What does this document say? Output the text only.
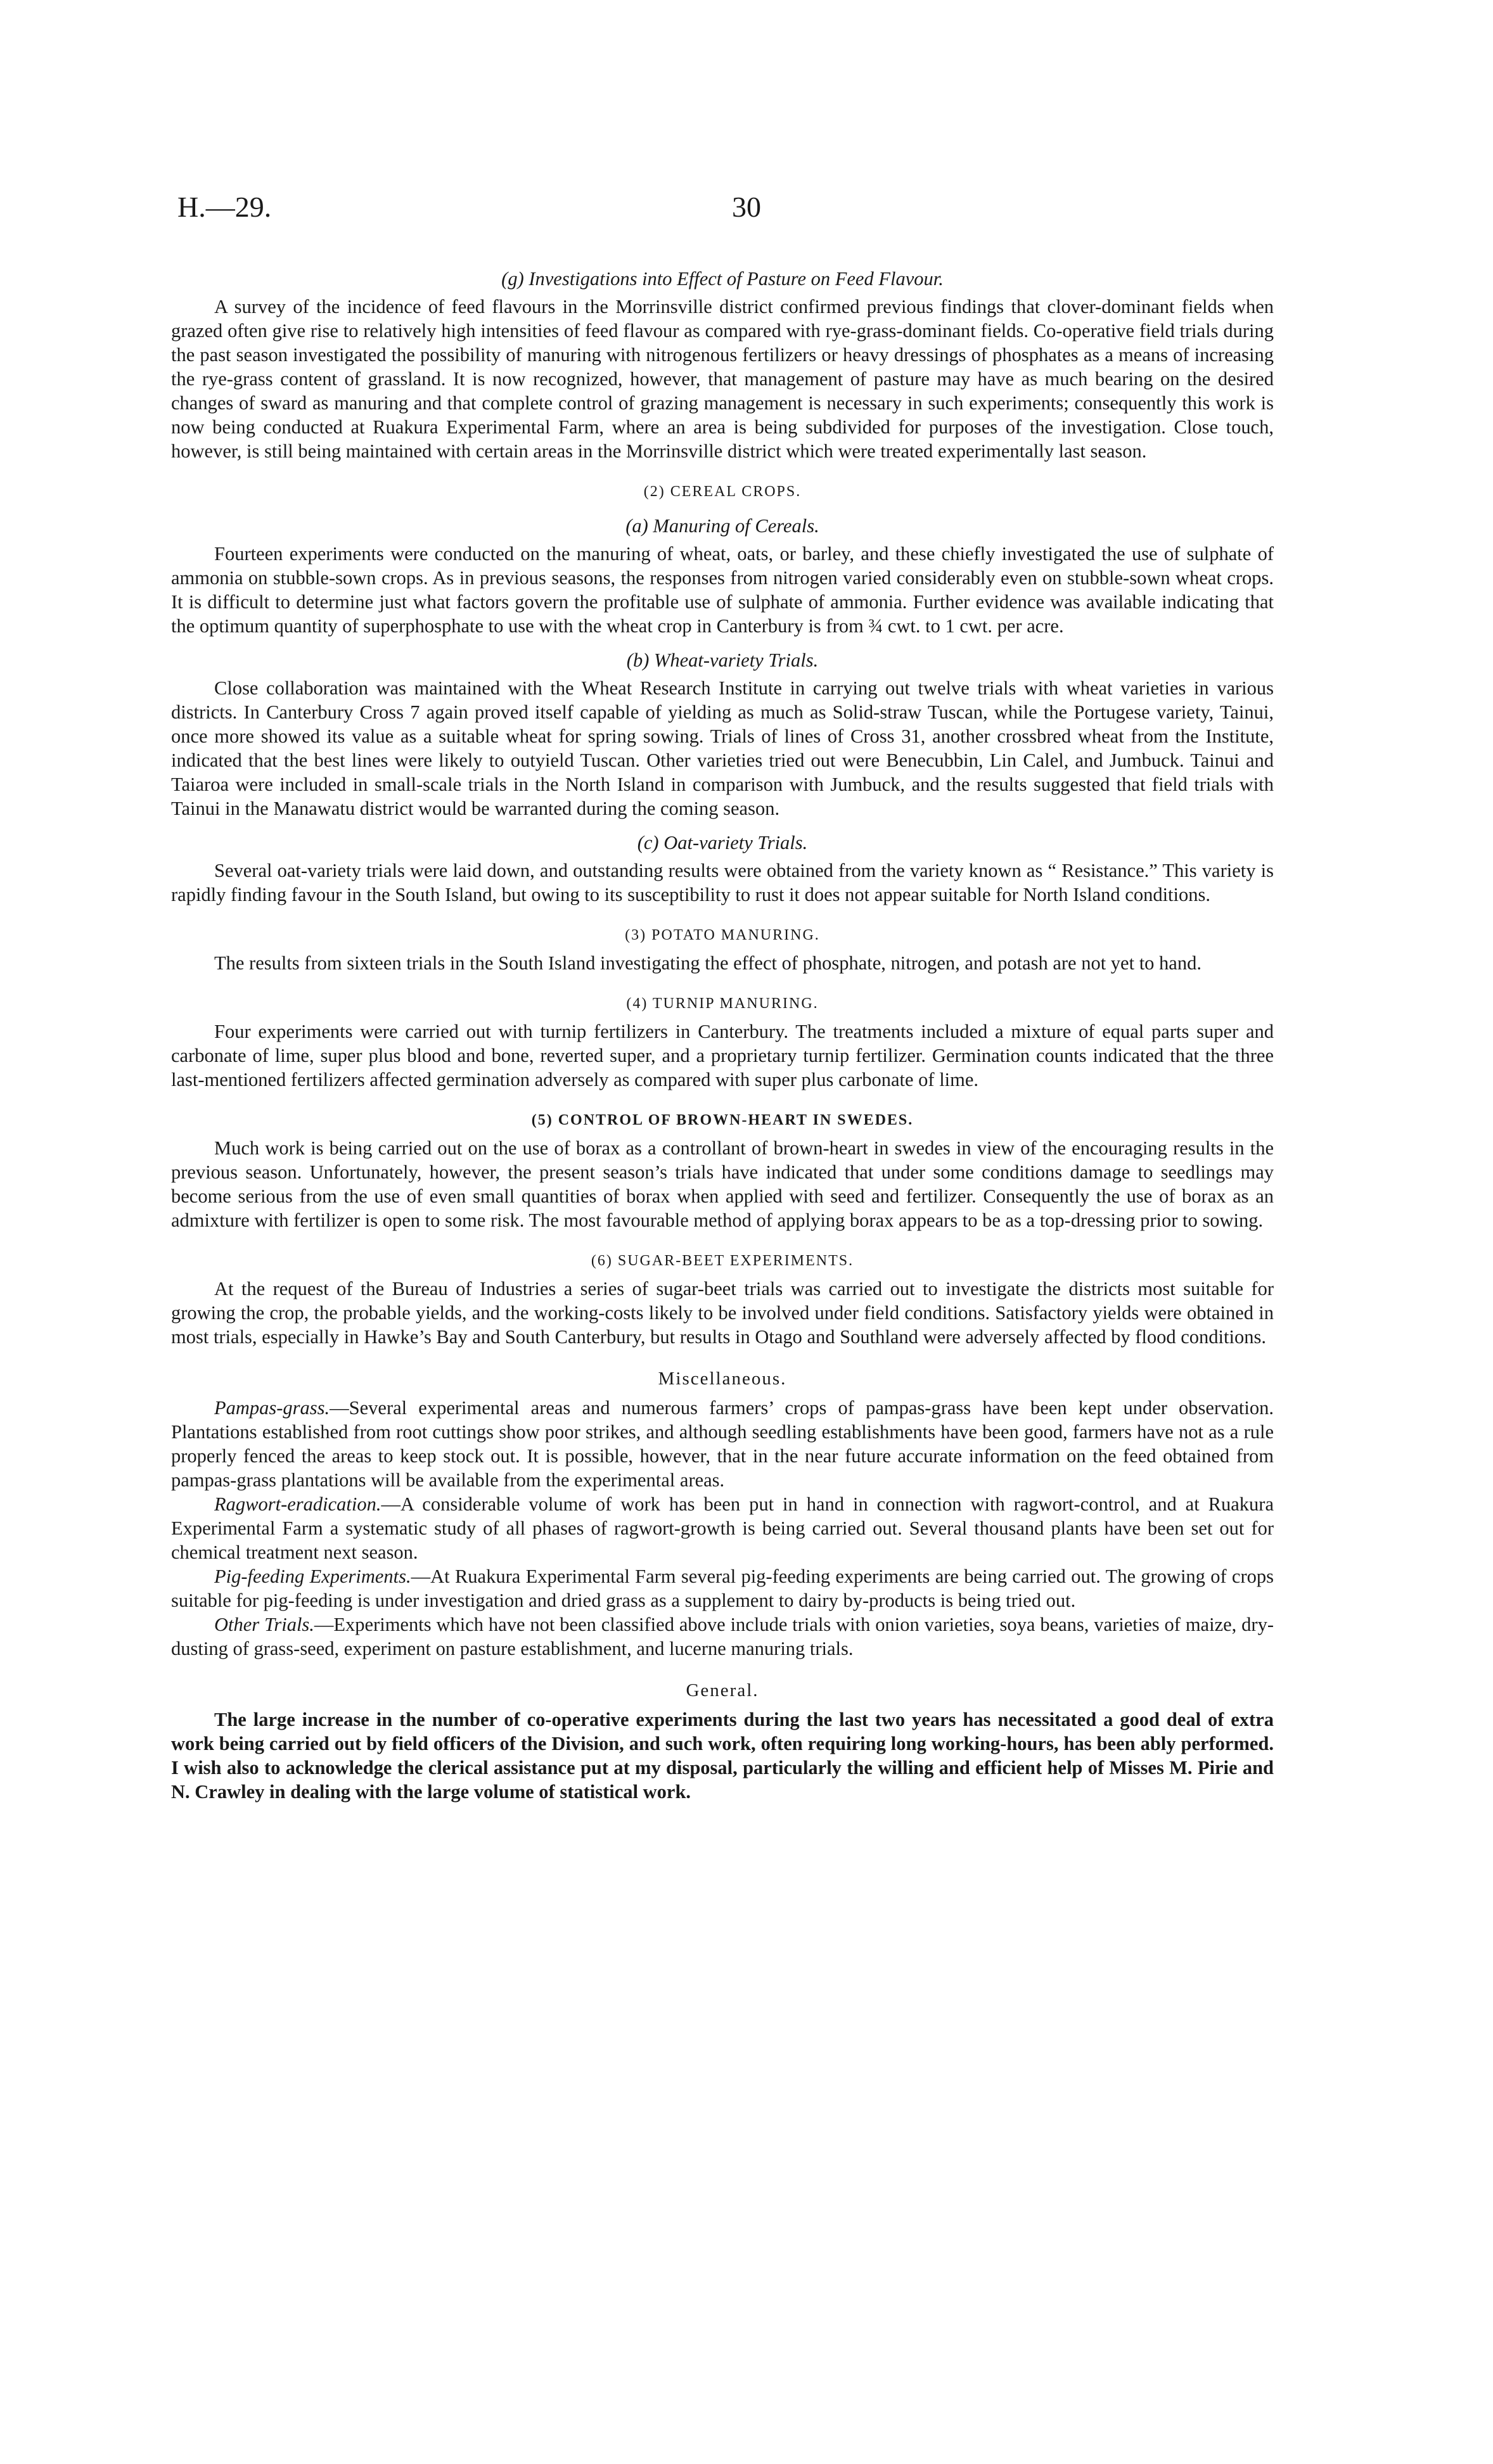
H.—29.	30
(g) Investigations into Effect of Pasture on Feed Flavour.

A survey of the incidence of feed flavours in the Morrinsville district confirmed previous findings that clover-dominant fields when grazed often give rise to relatively high intensities of feed flavour as compared with rye-grass-dominant fields. Co-operative field trials during the past season investigated the possibility of manuring with nitrogenous fertilizers or heavy dressings of phosphates as a means of increasing the rye-grass content of grassland. It is now recognized, however, that management of pasture may have as much bearing on the desired changes of sward as manuring and that complete control of grazing management is necessary in such experiments; consequently this work is now being conducted at Ruakura Experimental Farm, where an area is being subdivided for purposes of the investigation. Close touch, however, is still being maintained with certain areas in the Morrinsville district which were treated experimentally last season.

(2) CEREAL CROPS.
(a) Manuring of Cereals.

Fourteen experiments were conducted on the manuring of wheat, oats, or barley, and these chiefly investigated the use of sulphate of ammonia on stubble-sown crops. As in previous seasons, the responses from nitrogen varied considerably even on stubble-sown wheat crops. It is difficult to determine just what factors govern the profitable use of sulphate of ammonia. Further evidence was available indicating that the optimum quantity of superphosphate to use with the wheat crop in Canterbury is from ¾ cwt. to 1 cwt. per acre.

(b) Wheat-variety Trials.

Close collaboration was maintained with the Wheat Research Institute in carrying out twelve trials with wheat varieties in various districts. In Canterbury Cross 7 again proved itself capable of yielding as much as Solid-straw Tuscan, while the Portugese variety, Tainui, once more showed its value as a suitable wheat for spring sowing. Trials of lines of Cross 31, another crossbred wheat from the Institute, indicated that the best lines were likely to outyield Tuscan. Other varieties tried out were Benecubbin, Lin Calel, and Jumbuck. Tainui and Taiaroa were included in small-scale trials in the North Island in comparison with Jumbuck, and the results suggested that field trials with Tainui in the Manawatu district would be warranted during the coming season.

(c) Oat-variety Trials.

Several oat-variety trials were laid down, and outstanding results were obtained from the variety known as “ Resistance.” This variety is rapidly finding favour in the South Island, but owing to its susceptibility to rust it does not appear suitable for North Island conditions.

(3) POTATO MANURING.

The results from sixteen trials in the South Island investigating the effect of phosphate, nitrogen, and potash are not yet to hand.

(4) TURNIP MANURING.

Four experiments were carried out with turnip fertilizers in Canterbury. The treatments included a mixture of equal parts super and carbonate of lime, super plus blood and bone, reverted super, and a proprietary turnip fertilizer. Germination counts indicated that the three last-mentioned fertilizers affected germination adversely as compared with super plus carbonate of lime.

(5) CONTROL OF BROWN-HEART IN SWEDES.

Much work is being carried out on the use of borax as a controllant of brown-heart in swedes in view of the encouraging results in the previous season. Unfortunately, however, the present season’s trials have indicated that under some conditions damage to seedlings may become serious from the use of even small quantities of borax when applied with seed and fertilizer. Consequently the use of borax as an admixture with fertilizer is open to some risk. The most favourable method of applying borax appears to be as a top-dressing prior to sowing.

(6) SUGAR-BEET EXPERIMENTS.

At the request of the Bureau of Industries a series of sugar-beet trials was carried out to investigate the districts most suitable for growing the crop, the probable yields, and the working-costs likely to be involved under field conditions. Satisfactory yields were obtained in most trials, especially in Hawke’s Bay and South Canterbury, but results in Otago and Southland were adversely affected by flood conditions.

Miscellaneous.

Pampas-grass.—Several experimental areas and numerous farmers’ crops of pampas-grass have been kept under observation. Plantations established from root cuttings show poor strikes, and although seedling establishments have been good, farmers have not as a rule properly fenced the areas to keep stock out. It is possible, however, that in the near future accurate information on the feed obtained from pampas-grass plantations will be available from the experimental areas.

Ragwort-eradication.—A considerable volume of work has been put in hand in connection with ragwort-control, and at Ruakura Experimental Farm a systematic study of all phases of ragwort-growth is being carried out. Several thousand plants have been set out for chemical treatment next season.

Pig-feeding Experiments.—At Ruakura Experimental Farm several pig-feeding experiments are being carried out. The growing of crops suitable for pig-feeding is under investigation and dried grass as a supplement to dairy by-products is being tried out.

Other Trials.—Experiments which have not been classified above include trials with onion varieties, soya beans, varieties of maize, dry-dusting of grass-seed, experiment on pasture establishment, and lucerne manuring trials.

General.

The large increase in the number of co-operative experiments during the last two years has necessitated a good deal of extra work being carried out by field officers of the Division, and such work, often requiring long working-hours, has been ably performed. I wish also to acknowledge the clerical assistance put at my disposal, particularly the willing and efficient help of Misses M. Pirie and N. Crawley in dealing with the large volume of statistical work.
